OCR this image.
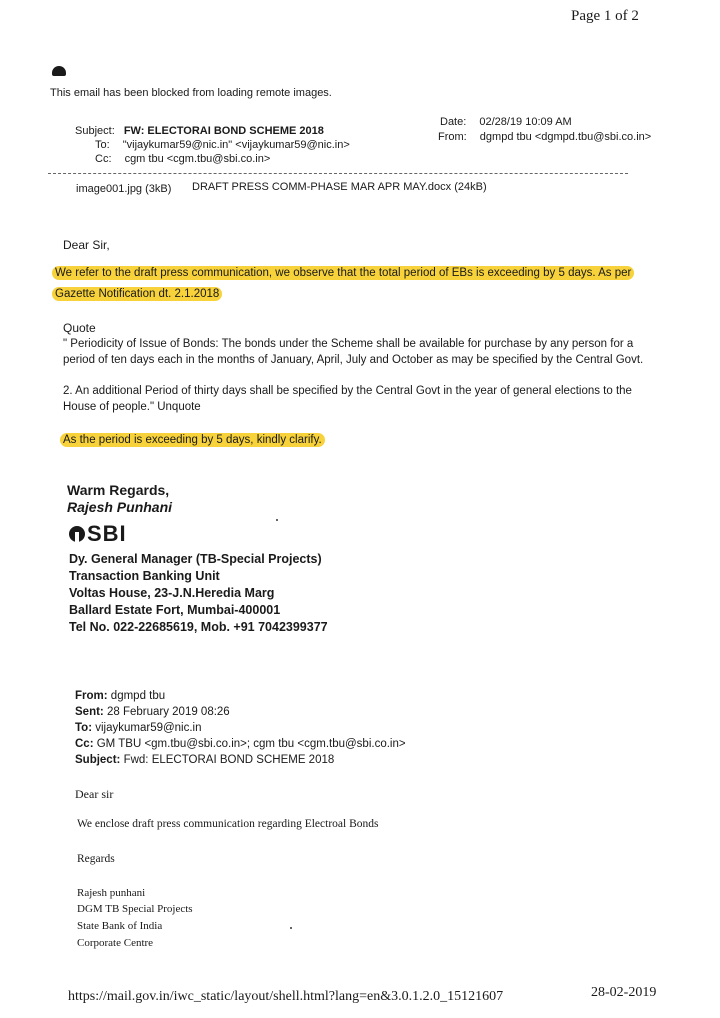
Page 1 of 2
This email has been blocked from loading remote images.
Subject: FW: ELECTORAI BOND SCHEME 2018
To: "vijaykumar59@nic.in" <vijaykumar59@nic.in>
Cc: cgm tbu <cgm.tbu@sbi.co.in>
Date: 02/28/19 10:09 AM
From: dgmpd tbu <dgmpd.tbu@sbi.co.in>
image001.jpg (3kB) DRAFT PRESS COMM-PHASE MAR APR MAY.docx (24kB)
Dear Sir,
We refer to the draft press communication, we observe that the total period of EBs is exceeding by 5 days. As per
Gazette Notification dt. 2.1.2018
Quote
" Periodicity of Issue of Bonds: The bonds under the Scheme shall be available for purchase by any person for a
period of ten days each in the months of January, April, July and October as may be specified by the Central Govt.
2. An additional Period of thirty days shall be specified by the Central Govt in the year of general elections to the
House of people." Unquote
As the period is exceeding by 5 days, kindly clarify.
Warm Regards,
Rajesh Punhani
SBI
Dy. General Manager (TB-Special Projects)
Transaction Banking Unit
Voltas House, 23-J.N.Heredia Marg
Ballard Estate Fort, Mumbai-400001
Tel No. 022-22685619, Mob. +91 7042399377
From: dgmpd tbu
Sent: 28 February 2019 08:26
To: vijaykumar59@nic.in
Cc: GM TBU <gm.tbu@sbi.co.in>; cgm tbu <cgm.tbu@sbi.co.in>
Subject: Fwd: ELECTORAI BOND SCHEME 2018
Dear sir
We enclose draft press communication regarding Electroal Bonds
Regards
Rajesh punhani
DGM TB Special Projects
State Bank of India
Corporate Centre
https://mail.gov.in/iwc_static/layout/shell.html?lang=en&3.0.1.2.0_15121607	28-02-2019
